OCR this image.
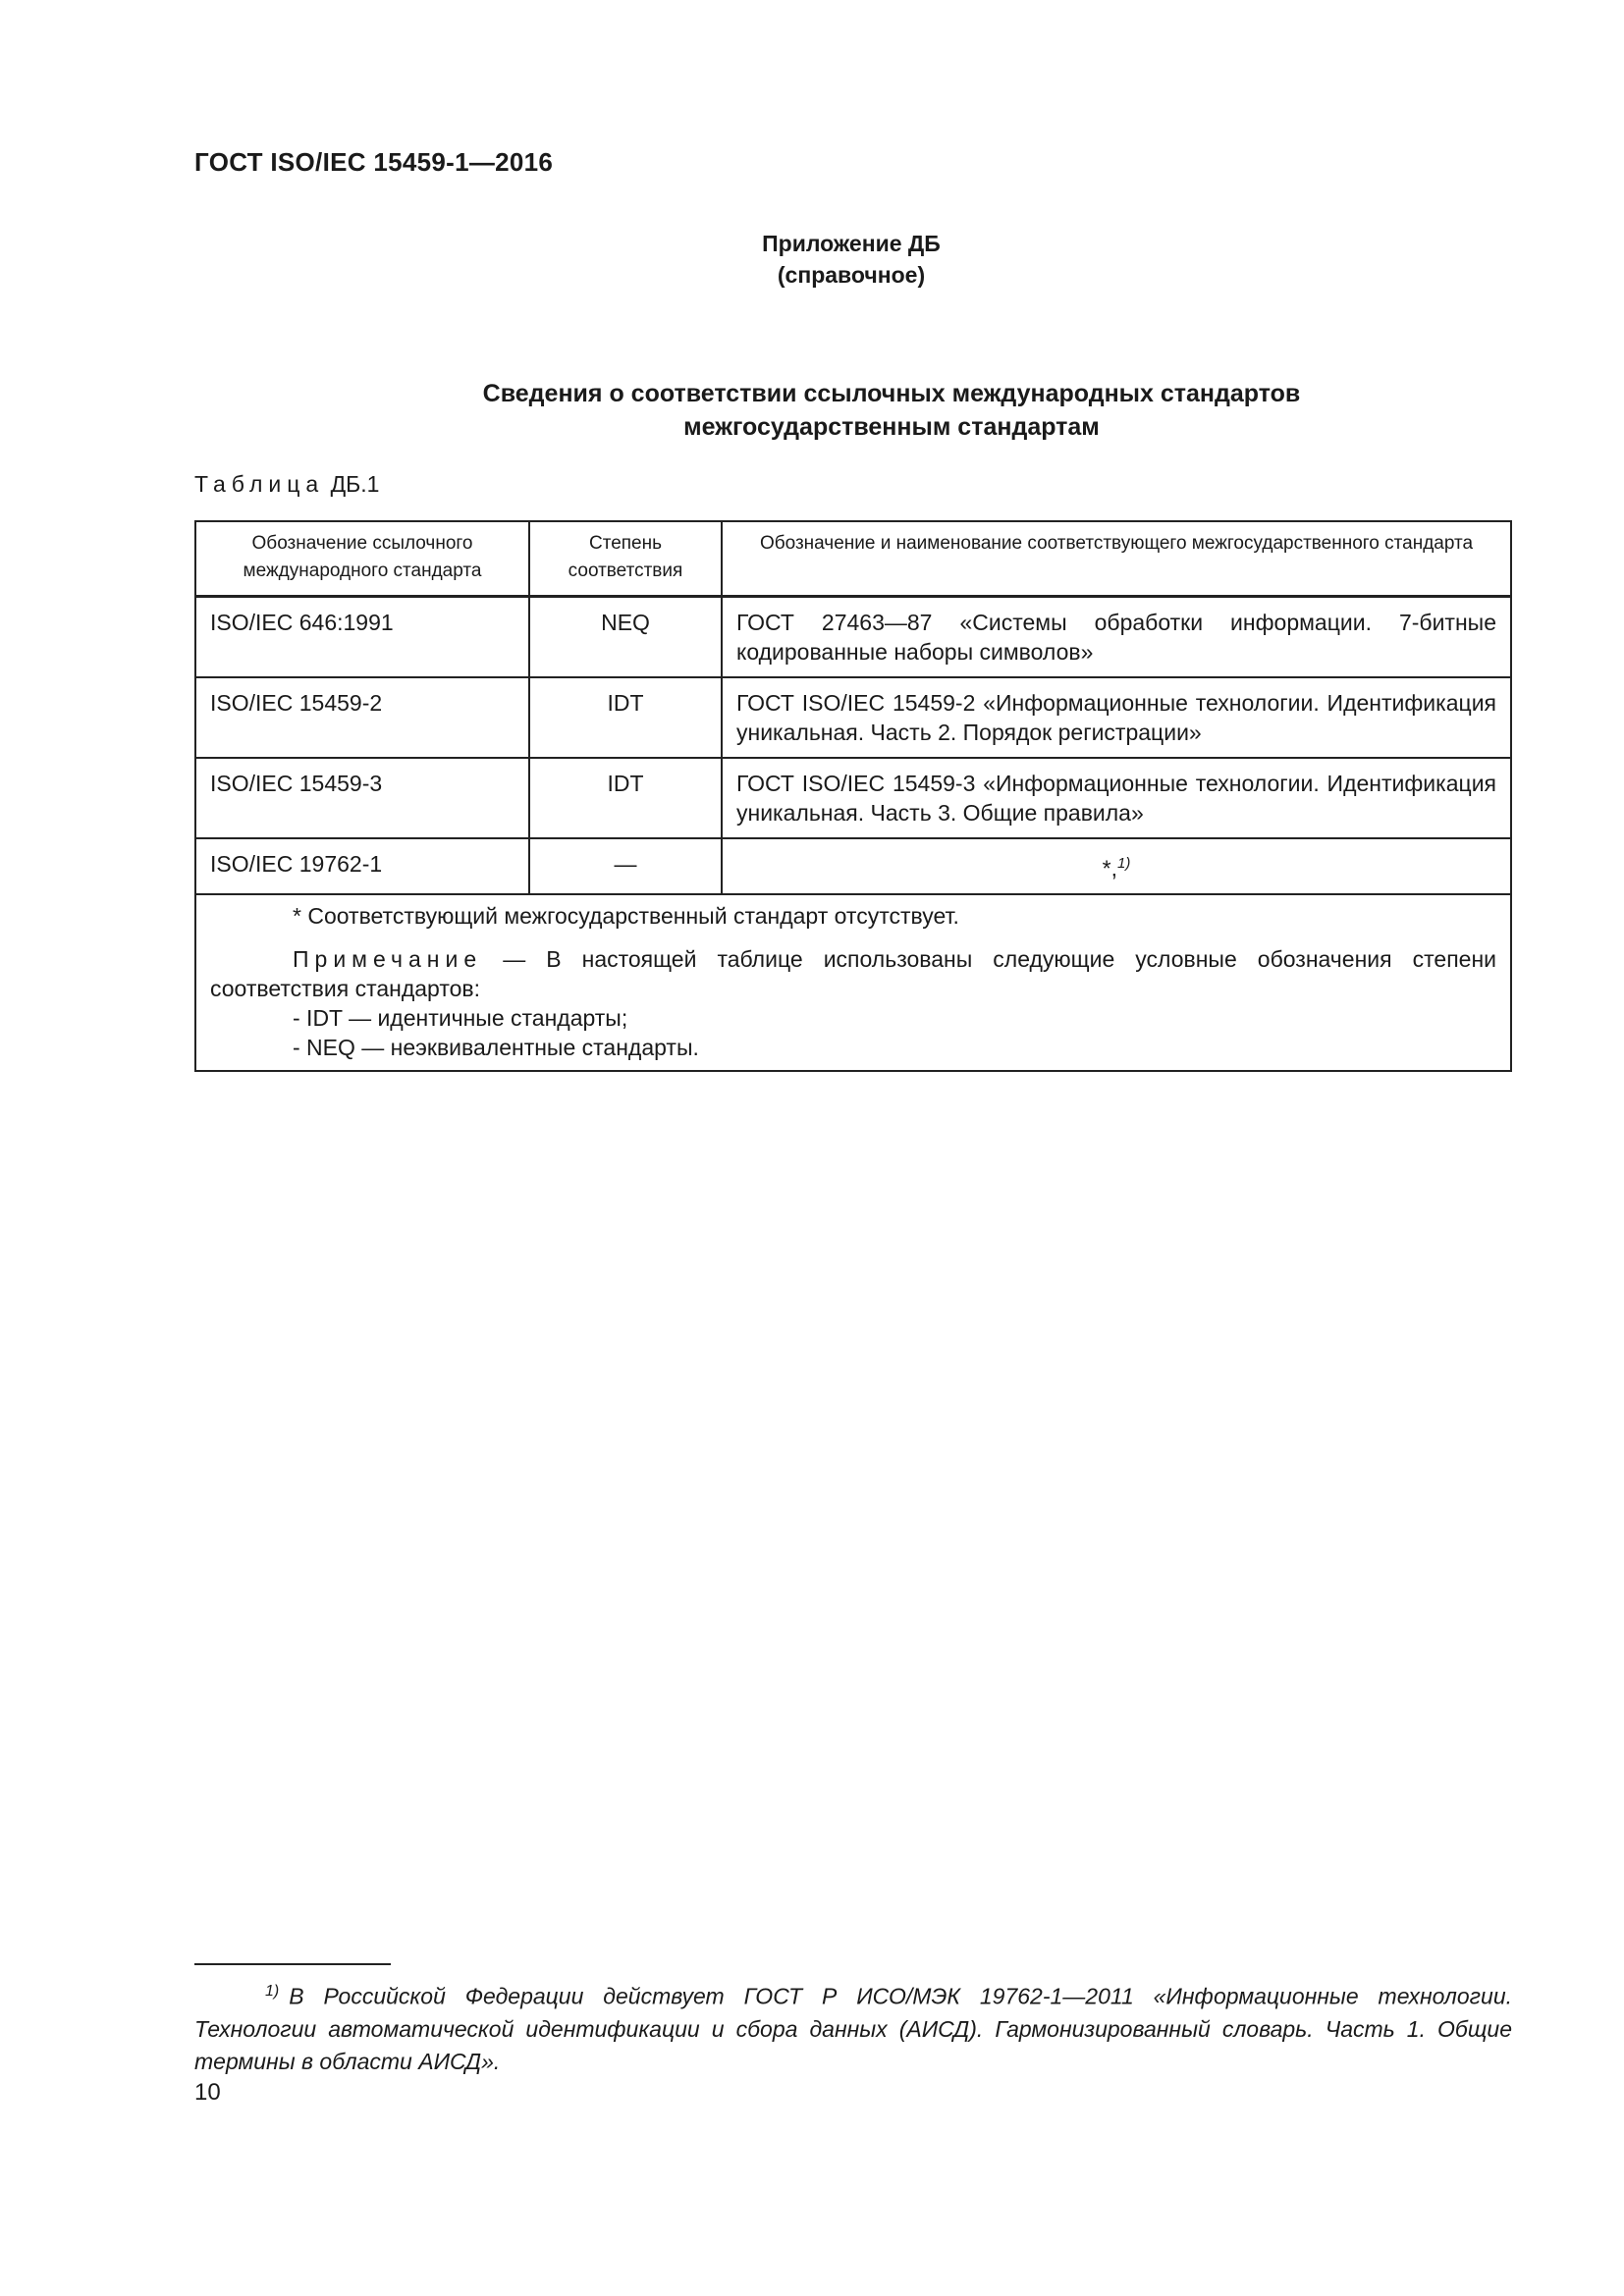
ГОСТ ISO/IEC 15459-1—2016
Приложение ДБ
(справочное)
Сведения о соответствии ссылочных международных стандартов
межгосударственным стандартам
Таблица ДБ.1
Обозначение ссылочного международного стандарта	Степень соответствия	Обозначение и наименование соответствующего межгосударственного стандарта
ISO/IEC 646:1991	NEQ	ГОСТ 27463—87 «Системы обработки информации. 7-битные кодированные наборы символов»
ISO/IEC 15459-2	IDT	ГОСТ ISO/IEC 15459-2 «Информационные технологии. Идентификация уникальная. Часть 2. Порядок регистрации»
ISO/IEC 15459-3	IDT	ГОСТ ISO/IEC 15459-3 «Информационные технологии. Идентификация уникальная. Часть 3. Общие правила»
ISO/IEC 19762-1	—	*,$^{1)}$

* Соответствующий межгосударственный стандарт отсутствует.
Примечание — В настоящей таблице использованы следующие условные обозначения степени соответствия стандартов:
- IDT — идентичные стандарты;
- NEQ — неэквивалентные стандарты.		
$^{1)}$ В Российской Федерации действует ГОСТ Р ИСО/МЭК 19762-1—2011 «Информационные технологии. Технологии автоматической идентификации и сбора данных (АИСД). Гармонизированный словарь. Часть 1. Общие термины в области АИСД».
10
